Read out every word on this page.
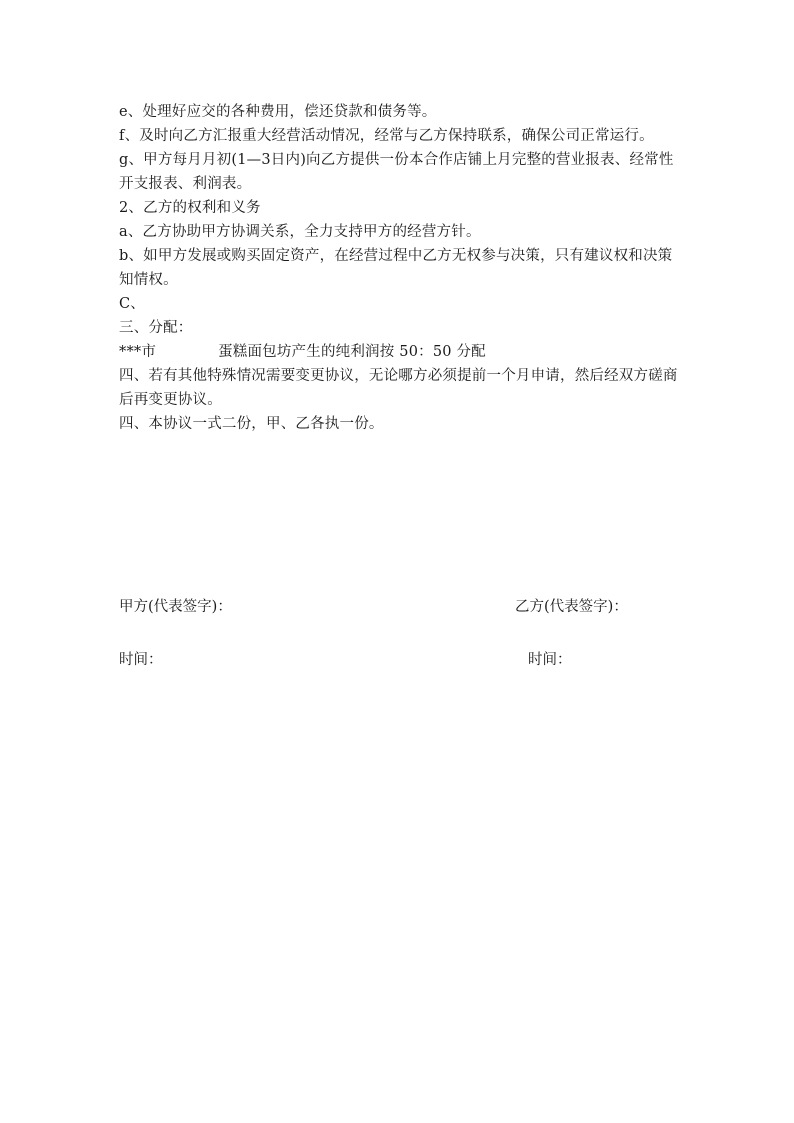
e、处理好应交的各种费用，偿还贷款和债务等。

f、及时向乙方汇报重大经营活动情况，经常与乙方保持联系，确保公司正常运行。

g、甲方每月月初(1—3日内)向乙方提供一份本合作店铺上月完整的营业报表、经常性开支报表、利润表。

2、乙方的权利和义务

a、乙方协助甲方协调关系，全力支持甲方的经营方针。

b、如甲方发展或购买固定资产，在经营过程中乙方无权参与决策，只有建议权和决策知情权。

C、

三、分配：

***市	蛋糕面包坊产生的纯利润按 50：50 分配

四、若有其他特殊情况需要变更协议，无论哪方必须提前一个月申请，然后经双方磋商后再变更协议。

四、本协议一式二份，甲、乙各执一份。

甲方(代表签字)：	乙方(代表签字)：
时间：	时间：
